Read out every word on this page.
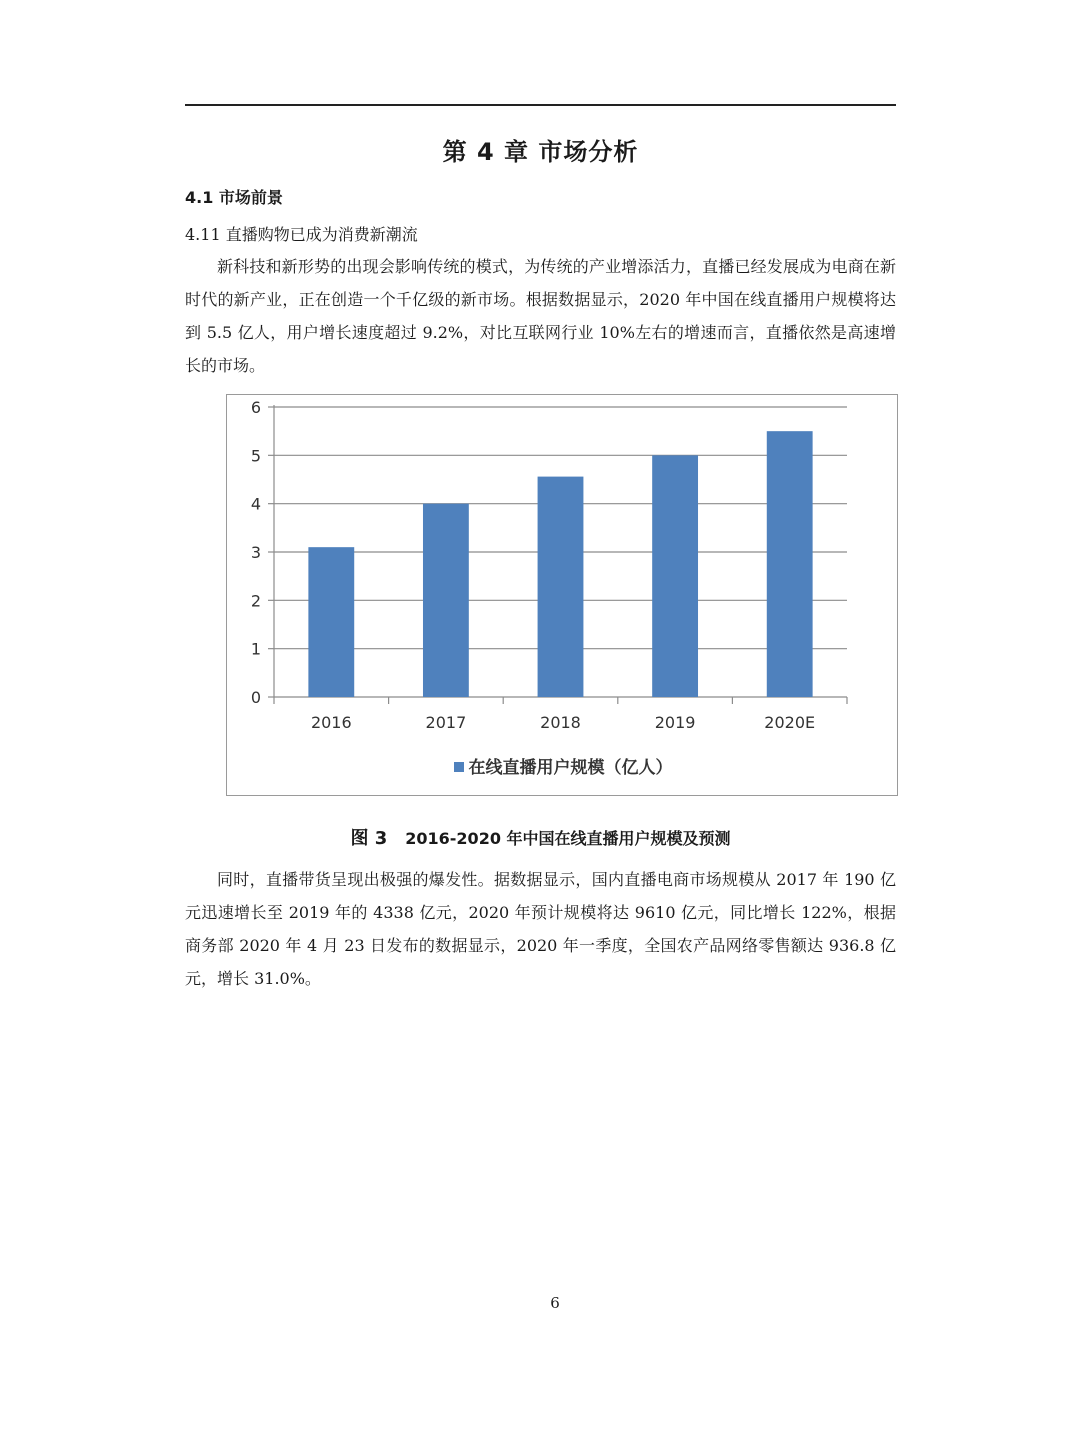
第 4 章 市场分析
4.1 市场前景
4.11 直播购物已成为消费新潮流

新科技和新形势的出现会影响传统的模式，为传统的产业增添活力，直播已经发展成为电商在新时代的新产业，正在创造一个千亿级的新市场。根据数据显示，2020 年中国在线直播用户规模将达到 5.5 亿人，用户增长速度超过 9.2%，对比互联网行业 10%左右的增速而言，直播依然是高速增长的市场。

0
1
2
3
4
5
6
2016	2017	2018	2019	2020E
在线直播用户规模（亿人）
图 3 2016-2020 年中国在线直播用户规模及预测

同时，直播带货呈现出极强的爆发性。据数据显示，国内直播电商市场规模从 2017 年 190 亿元迅速增长至 2019 年的 4338 亿元，2020 年预计规模将达 9610 亿元，同比增长 122%，根据商务部 2020 年 4 月 23 日发布的数据显示，2020 年一季度，全国农产品网络零售额达 936.8 亿元，增长 31.0%。

6
